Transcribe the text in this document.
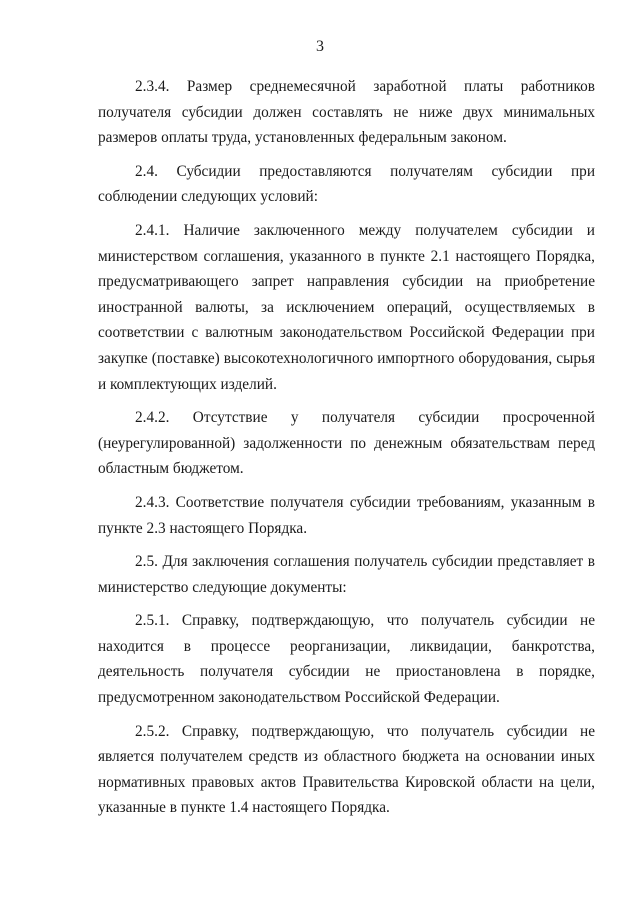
3

2.3.4. Размер среднемесячной заработной платы работников получателя субсидии должен составлять не ниже двух минимальных размеров оплаты труда, установленных федеральным законом.

2.4. Субсидии предоставляются получателям субсидии при соблюдении следующих условий:

2.4.1. Наличие заключенного между получателем субсидии и министерством соглашения, указанного в пункте 2.1 настоящего Порядка, предусматривающего запрет направления субсидии на приобретение иностранной валюты, за исключением операций, осуществляемых в соответствии с валютным законодательством Российской Федерации при закупке (поставке) высокотехнологичного импортного оборудования, сырья и комплектующих изделий.

2.4.2. Отсутствие у получателя субсидии просроченной (неурегулированной) задолженности по денежным обязательствам перед областным бюджетом.

2.4.3. Соответствие получателя субсидии требованиям, указанным в пункте 2.3 настоящего Порядка.

2.5. Для заключения соглашения получатель субсидии представляет в министерство следующие документы:

2.5.1. Справку, подтверждающую, что получатель субсидии не находится в процессе реорганизации, ликвидации, банкротства, деятельность получателя субсидии не приостановлена в порядке, предусмотренном законодательством Российской Федерации.

2.5.2. Справку, подтверждающую, что получатель субсидии не является получателем средств из областного бюджета на основании иных нормативных правовых актов Правительства Кировской области на цели, указанные в пункте 1.4 настоящего Порядка.
